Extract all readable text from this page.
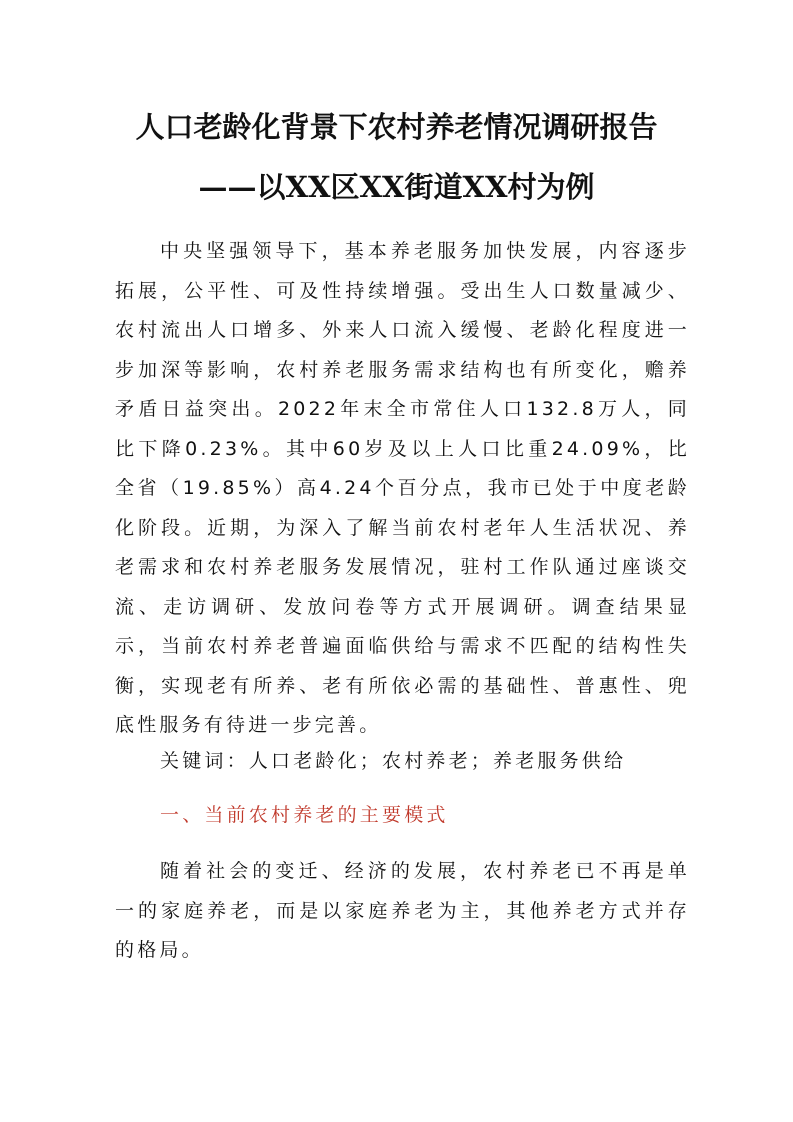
人口老龄化背景下农村养老情况调研报告
——以XX区XX街道XX村为例

中央坚强领导下，基本养老服务加快发展，内容逐步拓展，公平性、可及性持续增强。受出生人口数量减少、农村流出人口增多、外来人口流入缓慢、老龄化程度进一步加深等影响，农村养老服务需求结构也有所变化，赡养矛盾日益突出。2022年末全市常住人口132.8万人，同比下降0.23%。其中60岁及以上人口比重24.09%，比全省（19.85%）高4.24个百分点，我市已处于中度老龄化阶段。近期，为深入了解当前农村老年人生活状况、养老需求和农村养老服务发展情况，驻村工作队通过座谈交流、走访调研、发放问卷等方式开展调研。调查结果显示，当前农村养老普遍面临供给与需求不匹配的结构性失衡，实现老有所养、老有所依必需的基础性、普惠性、兜底性服务有待进一步完善。

关键词：人口老龄化；农村养老；养老服务供给

一、当前农村养老的主要模式

随着社会的变迁、经济的发展，农村养老已不再是单一的家庭养老，而是以家庭养老为主，其他养老方式并存的格局。
